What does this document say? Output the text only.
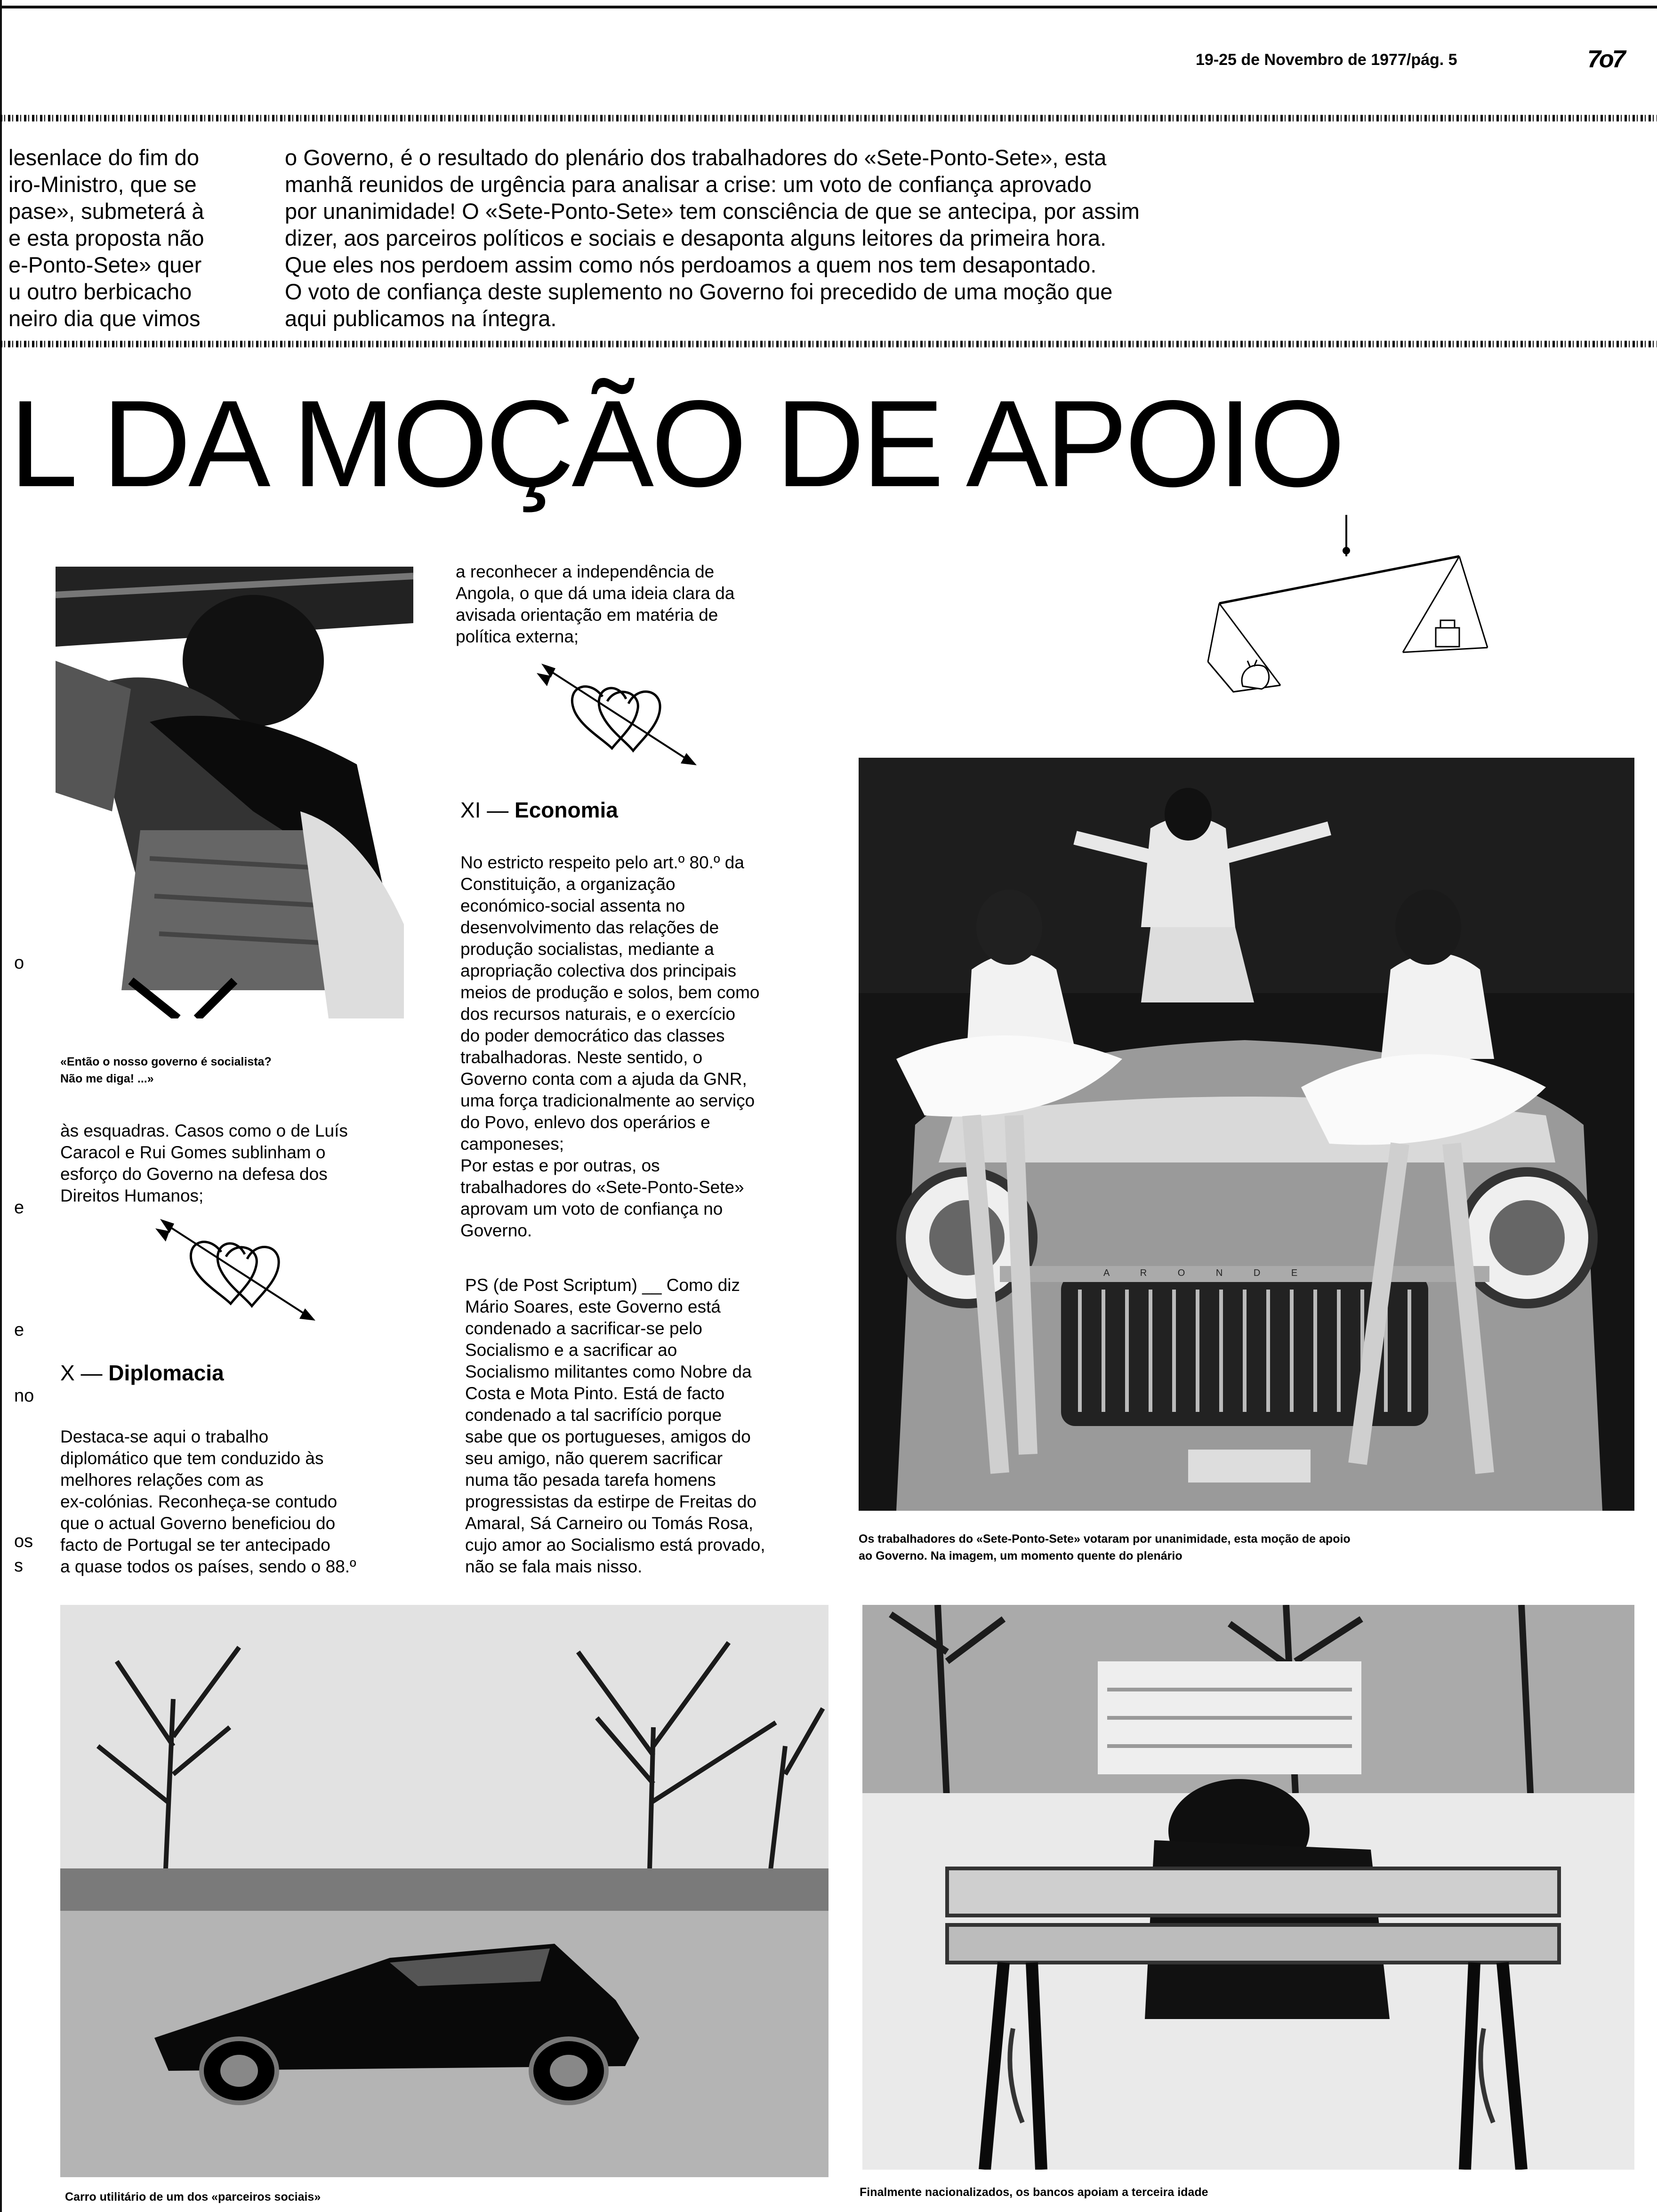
19-25 de Novembro de 1977/pág. 5	7o7
lesenlace do fim do
iro-Ministro, que se
pase», submeterá à
e esta proposta não
e-Ponto-Sete» quer
u outro berbicacho
neiro dia que vimos
o Governo, é o resultado do plenário dos trabalhadores do «Sete-Ponto-Sete», esta
manhã reunidos de urgência para analisar a crise: um voto de confiança aprovado
por unanimidade! O «Sete-Ponto-Sete» tem consciência de que se antecipa, por assim
dizer, aos parceiros políticos e sociais e desaponta alguns leitores da primeira hora.
Que eles nos perdoem assim como nós perdoamos a quem nos tem desapontado.
O voto de confiança deste suplemento no Governo foi precedido de uma moção que
aqui publicamos na íntegra.
L DA MOÇÃO DE APOIO
o
e
e
no
os
s
«Então o nosso governo é socialista?
Não me diga! ...»
às esquadras. Casos como o de Luís
Caracol e Rui Gomes sublinham o
esforço do Governo na defesa dos
Direitos Humanos;
X — Diplomacia
Destaca-se aqui o trabalho
diplomático que tem conduzido às
melhores relações com as
ex-colónias. Reconheça-se contudo
que o actual Governo beneficiou do
facto de Portugal se ter antecipado
a quase todos os países, sendo o 88.º
a reconhecer a independência de
Angola, o que dá uma ideia clara da
avisada orientação em matéria de
política externa;
XI — Economia
No estricto respeito pelo art.º 80.º da
Constituição, a organização
económico-social assenta no
desenvolvimento das relações de
produção socialistas, mediante a
apropriação colectiva dos principais
meios de produção e solos, bem como
dos recursos naturais, e o exercício
do poder democrático das classes
trabalhadoras. Neste sentido, o
Governo conta com a ajuda da GNR,
uma força tradicionalmente ao serviço
do Povo, enlevo dos operários e
camponeses;
Por estas e por outras, os
trabalhadores do «Sete-Ponto-Sete»
aprovam um voto de confiança no
Governo.
PS (de Post Scriptum) __ Como diz
Mário Soares, este Governo está
condenado a sacrificar-se pelo
Socialismo e a sacrificar ao
Socialismo militantes como Nobre da
Costa e Mota Pinto. Está de facto
condenado a tal sacrifício porque
sabe que os portugueses, amigos do
seu amigo, não querem sacrificar
numa tão pesada tarefa homens
progressistas da estirpe de Freitas do
Amaral, Sá Carneiro ou Tomás Rosa,
cujo amor ao Socialismo está provado,
não se fala mais nisso.
A R O N D E
Os trabalhadores do «Sete-Ponto-Sete» votaram por unanimidade, esta moção de apoio
ao Governo. Na imagem, um momento quente do plenário
Carro utilitário de um dos «parceiros sociais»	Finalmente nacionalizados, os bancos apoiam a terceira idade
